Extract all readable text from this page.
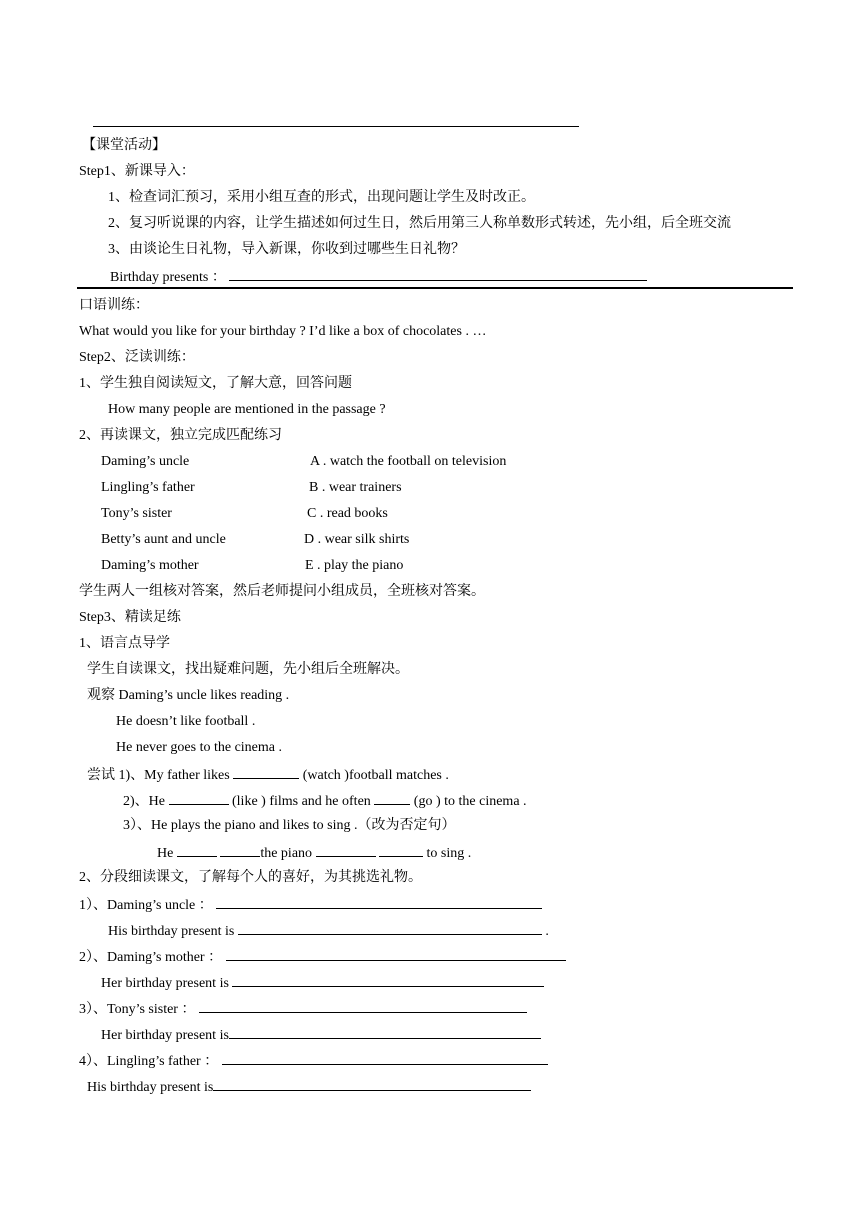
【课堂活动】
Step1、新课导入：
1、检查词汇预习，采用小组互查的形式，出现问题让学生及时改正。
2、复习听说课的内容，让学生描述如何过生日，然后用第三人称单数形式转述，先小组，后全班交流
3、由谈论生日礼物，导入新课，你收到过哪些生日礼物？
Birthday presents ：
口语训练：
What would you like for your birthday ? I’d like a box of chocolates . …
Step2、泛读训练：
1、学生独自阅读短文，了解大意，回答问题
How many people are mentioned in the passage ?
2、再读课文，独立完成匹配练习
Daming’s uncle	A . watch the football on television
Lingling’s father	B . wear trainers
Tony’s sister	C . read books
Betty’s aunt and uncle	D . wear silk shirts
Daming’s mother	E . play the piano
学生两人一组核对答案，然后老师提问小组成员，全班核对答案。
Step3、精读足练
1、语言点导学
学生自读课文，找出疑难问题，先小组后全班解决。
观察 Daming’s uncle likes reading .
He doesn’t like football .
He never goes to the cinema .
尝试 1)、My father likes	(watch )football matches .
2)、He	(like ) films and he often	(go ) to the cinema .
3）、He plays the piano and likes to sing .（改为否定句）
He	the piano	to sing .
2、分段细读课文，了解每个人的喜好，为其挑选礼物。
1）、Daming’s uncle ：
His birthday present is	.
2）、Daming’s mother ：
Her birthday present is
3）、Tony’s sister ：
Her birthday present is
4）、Lingling’s father ：
His birthday present is
